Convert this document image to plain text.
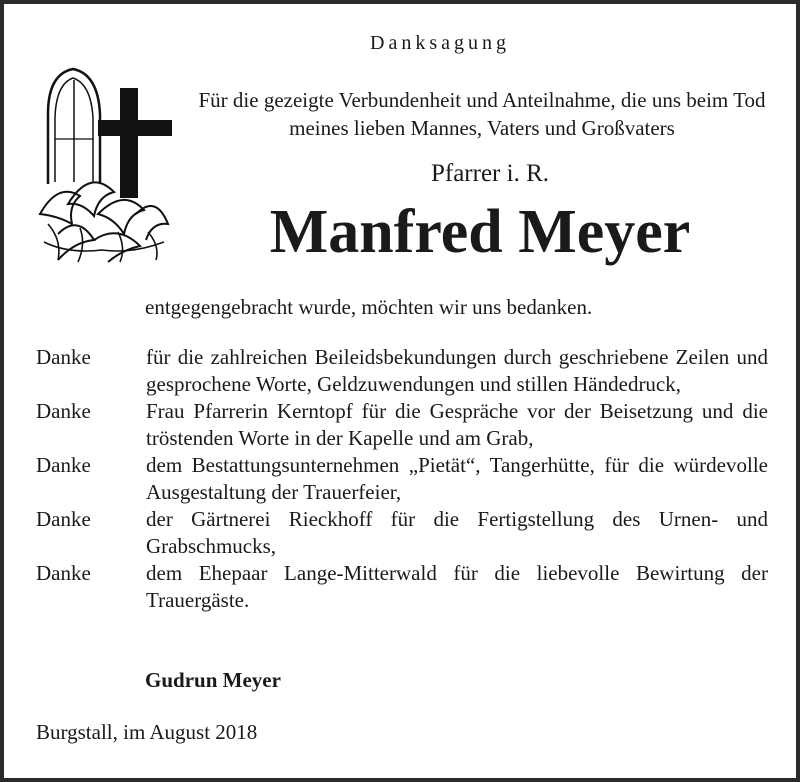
Danksagung
Für die gezeigte Verbundenheit und Anteilnahme, die uns beim Tod meines lieben Mannes, Vaters und Großvaters
Pfarrer i. R.
Manfred Meyer
entgegengebracht wurde, möchten wir uns bedanken.
Danke	für die zahlreichen Beileidsbekundungen durch geschriebene Zeilen und gesprochene Worte, Geldzuwendungen und stillen Händedruck,
Danke	Frau Pfarrerin Kerntopf für die Gespräche vor der Beisetzung und die tröstenden Worte in der Kapelle und am Grab,
Danke	dem Bestattungsunternehmen „Pietät“, Tangerhütte, für die würdevolle Ausgestaltung der Trauerfeier,
Danke	der Gärtnerei Rieckhoff für die Fertigstellung des Urnen- und Grabschmucks,
Danke	dem Ehepaar Lange-Mitterwald für die liebevolle Bewirtung der Trauergäste.
Gudrun Meyer
Burgstall, im August 2018
